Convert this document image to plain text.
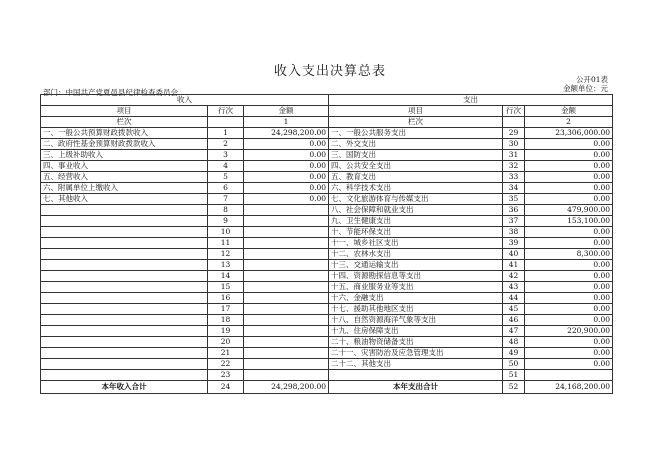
收入支出决算总表
公开01表
部门：中国共产党夏邑县纪律检查委员会	金额单位：元
收入			支出		
项目	行次	金额	项目	行次	金额
栏次		1	栏次		2
一、一般公共预算财政拨款收入	1	24,298,200.00	一、一般公共服务支出	29	23,306,000.00
二、政府性基金预算财政拨款收入	2	0.00	二、外交支出	30	0.00
三、上级补助收入	3	0.00	三、国防支出	31	0.00
四、事业收入	4	0.00	四、公共安全支出	32	0.00
五、经营收入	5	0.00	五、教育支出	33	0.00
六、附属单位上缴收入	6	0.00	六、科学技术支出	34	0.00
七、其他收入	7	0.00	七、文化旅游体育与传媒支出	35	0.00
	8		八、社会保障和就业支出	36	479,900.00
	9		九、卫生健康支出	37	153,100.00
	10		十、节能环保支出	38	0.00
	11		十一、城乡社区支出	39	0.00
	12		十二、农林水支出	40	8,300.00
	13		十三、交通运输支出	41	0.00
	14		十四、资源勘探信息等支出	42	0.00
	15		十五、商业服务业等支出	43	0.00
	16		十六、金融支出	44	0.00
	17		十七、援助其他地区支出	45	0.00
	18		十八、自然资源海洋气象等支出	46	0.00
	19		十九、住房保障支出	47	220,900.00
	20		二十、粮油物资储备支出	48	0.00
	21		二十一、灾害防治及应急管理支出	49	0.00
	22		二十二、其他支出	50	0.00
	23			51	
本年收入合计	24	24,298,200.00	本年支出合计	52	24,168,200.00
